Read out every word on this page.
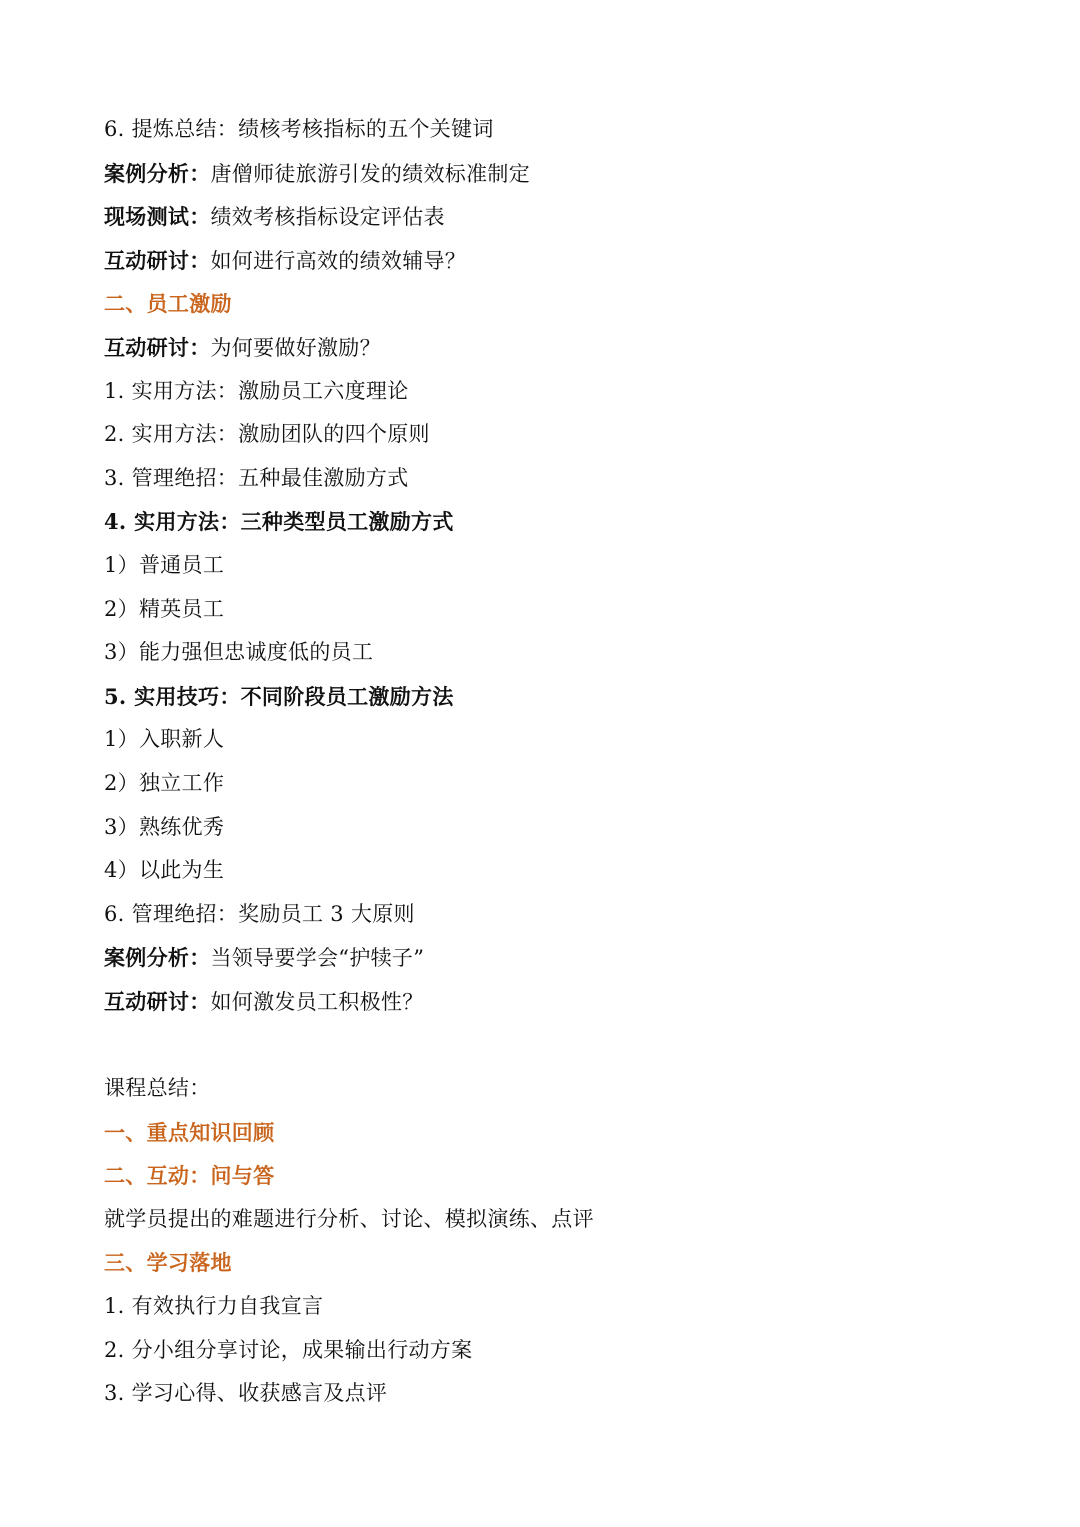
6. 提炼总结：绩核考核指标的五个关键词
案例分析：唐僧师徒旅游引发的绩效标准制定
现场测试：绩效考核指标设定评估表
互动研讨：如何进行高效的绩效辅导？
二、员工激励
互动研讨：为何要做好激励？
1. 实用方法：激励员工六度理论
2. 实用方法：激励团队的四个原则
3. 管理绝招：五种最佳激励方式
4. 实用方法：三种类型员工激励方式
1）普通员工
2）精英员工
3）能力强但忠诚度低的员工
5. 实用技巧：不同阶段员工激励方法
1）入职新人
2）独立工作
3）熟练优秀
4）以此为生
6. 管理绝招：奖励员工 3 大原则
案例分析：当领导要学会“护犊子”
互动研讨：如何激发员工积极性？
课程总结：
一、重点知识回顾
二、互动：问与答
就学员提出的难题进行分析、讨论、模拟演练、点评
三、学习落地
1. 有效执行力自我宣言
2. 分小组分享讨论，成果输出行动方案
3. 学习心得、收获感言及点评
